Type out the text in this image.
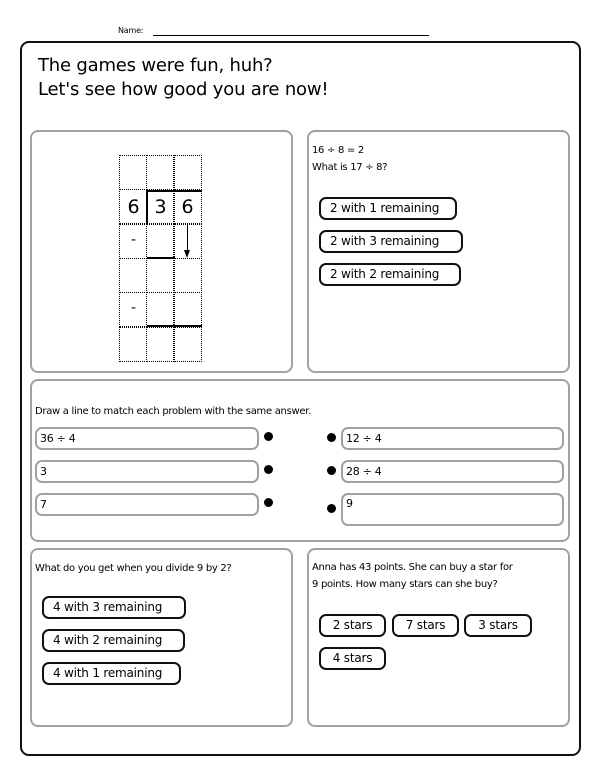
Name:
The games were fun, huh?
Let's see how good you are now!
6 3 6
-
-
16 ÷ 8 = 2
What is 17 ÷ 8?
2 with 1 remaining
2 with 3 remaining
2 with 2 remaining
Draw a line to match each problem with the same answer.
36 ÷ 4
3
7
12 ÷ 4
28 ÷ 4
9
What do you get when you divide 9 by 2?
4 with 3 remaining
4 with 2 remaining
4 with 1 remaining
Anna has 43 points. She can buy a star for
9 points. How many stars can she buy?
2 stars	7 stars	3 stars
4 stars
